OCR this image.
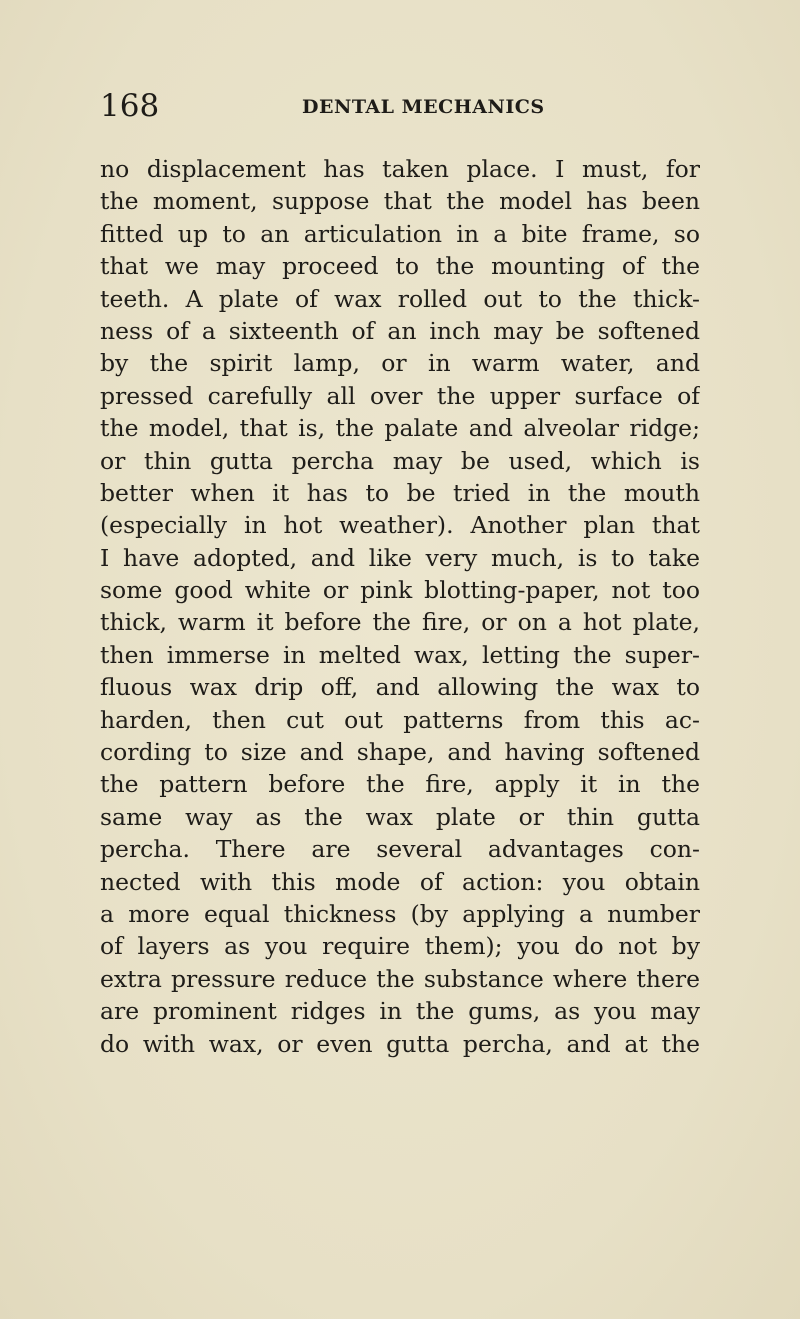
168	DENTAL MECHANICS
no displacement has taken place. I must, for
the moment, suppose that the model has been
fitted up to an articulation in a bite frame, so
that we may proceed to the mounting of the
teeth. A plate of wax rolled out to the thick-
ness of a sixteenth of an inch may be softened
by the spirit lamp, or in warm water, and
pressed carefully all over the upper surface of
the model, that is, the palate and alveolar ridge;
or thin gutta percha may be used, which is
better when it has to be tried in the mouth
(especially in hot weather). Another plan that
I have adopted, and like very much, is to take
some good white or pink blotting-paper, not too
thick, warm it before the fire, or on a hot plate,
then immerse in melted wax, letting the super-
fluous wax drip off, and allowing the wax to
harden, then cut out patterns from this ac-
cording to size and shape, and having softened
the pattern before the fire, apply it in the
same way as the wax plate or thin gutta
percha. There are several advantages con-
nected with this mode of action: you obtain
a more equal thickness (by applying a number
of layers as you require them); you do not by
extra pressure reduce the substance where there
are prominent ridges in the gums, as you may
do with wax, or even gutta percha, and at the
